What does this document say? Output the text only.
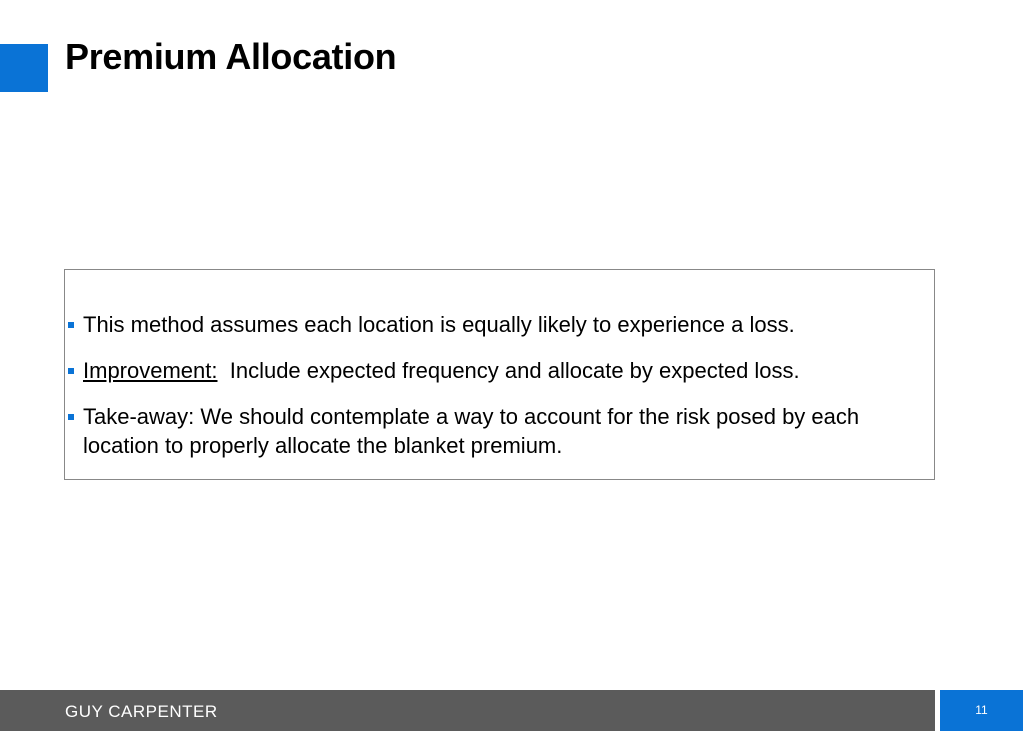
Premium Allocation
This method assumes each location is equally likely to experience a loss.
Improvement:  Include expected frequency and allocate by expected loss.
Take-away: We should contemplate a way to account for the risk posed by each location to properly allocate the blanket premium.
GUY CARPENTER	11
